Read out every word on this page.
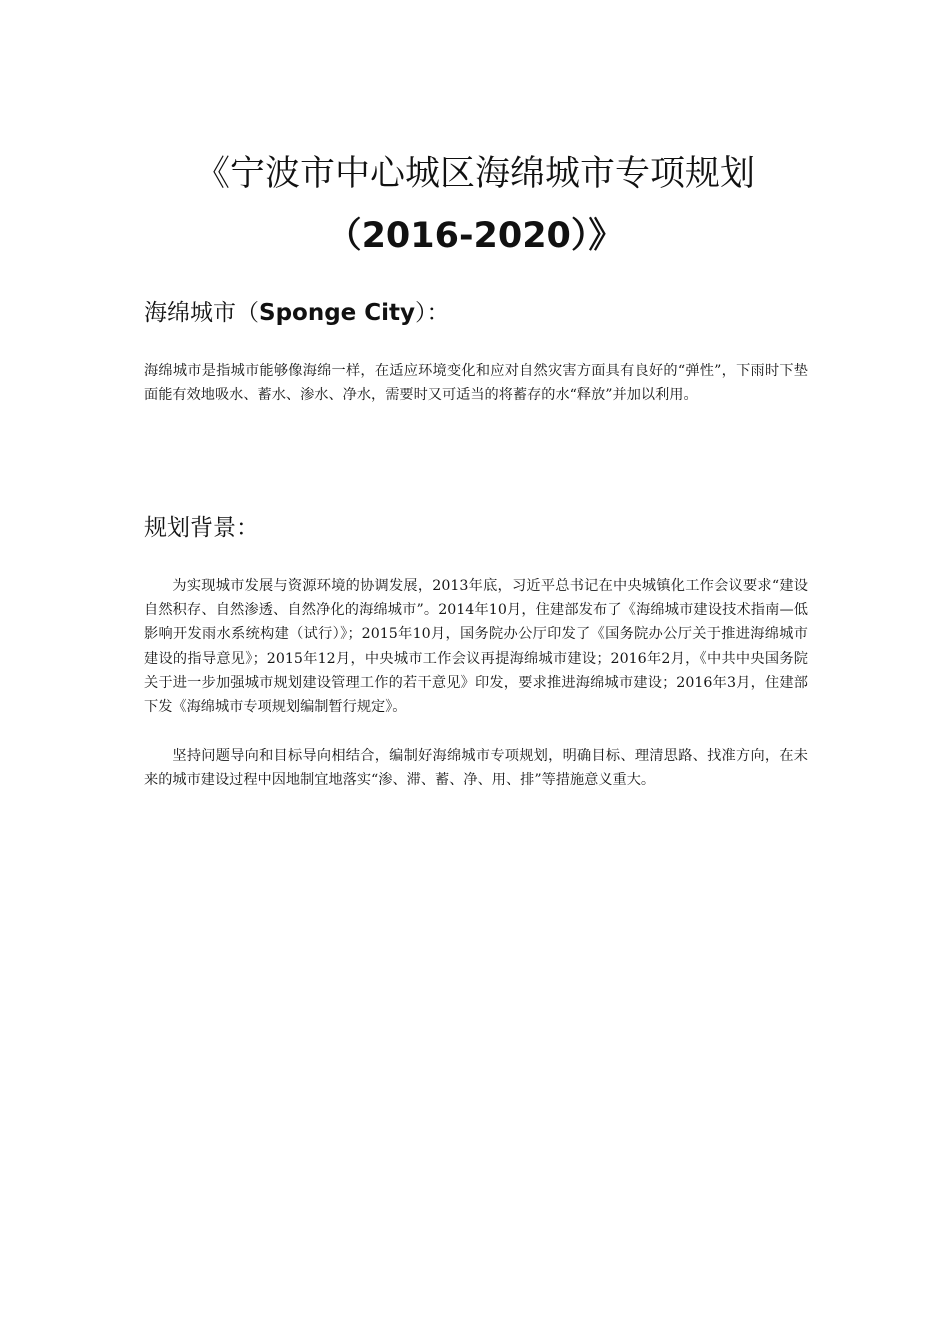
《宁波市中心城区海绵城市专项规划
（2016-2020）》
海绵城市（Sponge City）：

海绵城市是指城市能够像海绵一样，在适应环境变化和应对自然灾害方面具有良好的“弹性”，下雨时下垫面能有效地吸水、蓄水、渗水、净水，需要时又可适当的将蓄存的水“释放”并加以利用。

规划背景：

为实现城市发展与资源环境的协调发展，2013年底，习近平总书记在中央城镇化工作会议要求“建设自然积存、自然渗透、自然净化的海绵城市”。2014年10月，住建部发布了《海绵城市建设技术指南—低影响开发雨水系统构建（试行）》；2015年10月，国务院办公厅印发了《国务院办公厅关于推进海绵城市建设的指导意见》；2015年12月，中央城市工作会议再提海绵城市建设；2016年2月，《中共中央国务院关于进一步加强城市规划建设管理工作的若干意见》印发，要求推进海绵城市建设；2016年3月，住建部下发《海绵城市专项规划编制暂行规定》。

坚持问题导向和目标导向相结合，编制好海绵城市专项规划，明确目标、理清思路、找准方向，在未来的城市建设过程中因地制宜地落实“渗、滞、蓄、净、用、排”等措施意义重大。
